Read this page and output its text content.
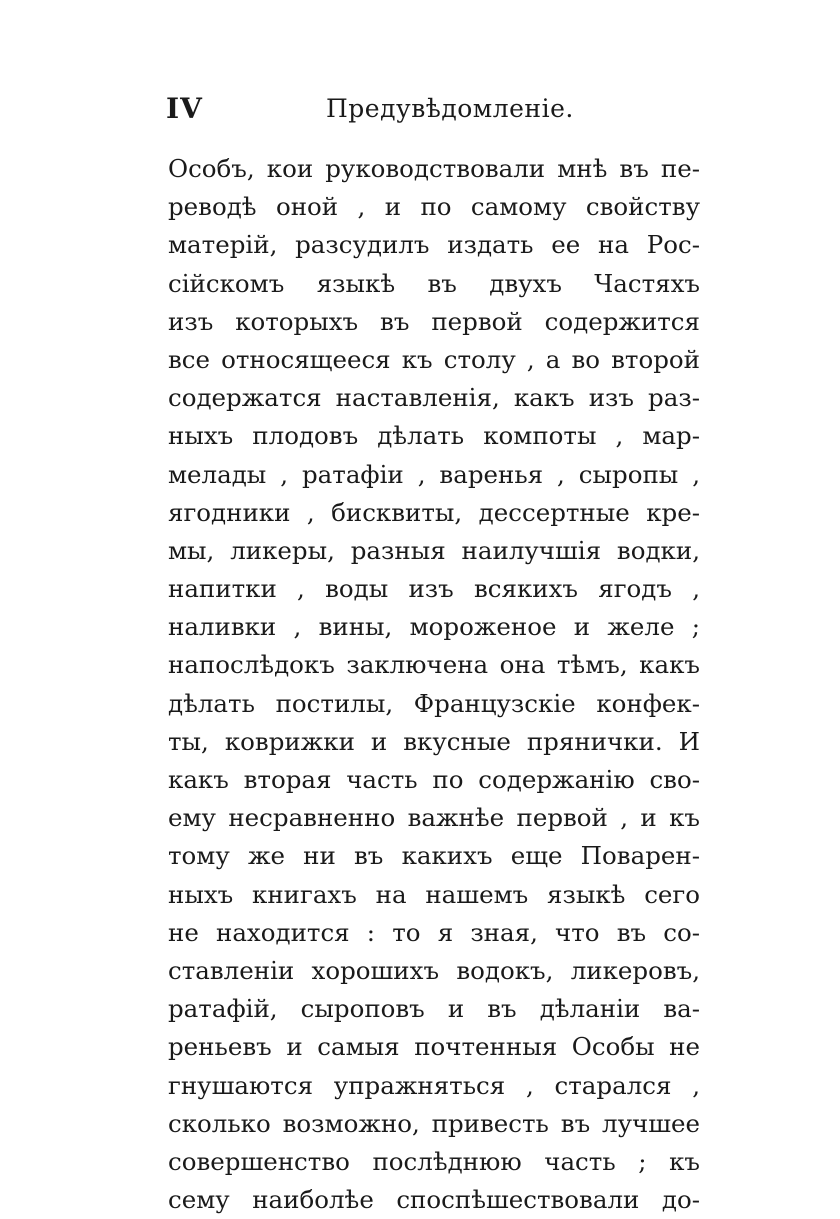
IV	Предувѣдомленіе.
Особъ, кои руководствовали мнѣ въ пе-
реводѣ оной , и по самому свойству
матерій, разсудилъ издать ее на Рос-
сійскомъ языкѣ въ двухъ Частяхъ
изъ которыхъ въ первой содержится
все относящееся къ столу , а во второй
содержатся наставленія, какъ изъ раз-
ныхъ плодовъ дѣлать компоты , мар-
мелады , ратафіи , варенья , сыропы ,
ягодники , бисквиты, дессертные кре-
мы, ликеры, разныя наилучшія водки,
напитки , воды изъ всякихъ ягодъ ,
наливки , вины, мороженое и желе ;
напослѣдокъ заключена она тѣмъ, какъ
дѣлать постилы, Французскіе конфек-
ты, коврижки и вкусные прянички. И
какъ вторая часть по содержанію сво-
ему несравненно важнѣе первой , и къ
тому же ни въ какихъ еще Поварен-
ныхъ книгахъ на нашемъ языкѣ сего
не находится : то я зная, что въ со-
ставленіи хорошихъ водокъ, ликеровъ,
ратафій, сыроповъ и въ дѣланіи ва-
реньевъ и самыя почтенныя Особы не
гнушаются упражняться , старался ,
сколько возможно, привесть въ лучшее
совершенство послѣднюю часть ; къ
сему наиболѣе споспѣшествовали до-
